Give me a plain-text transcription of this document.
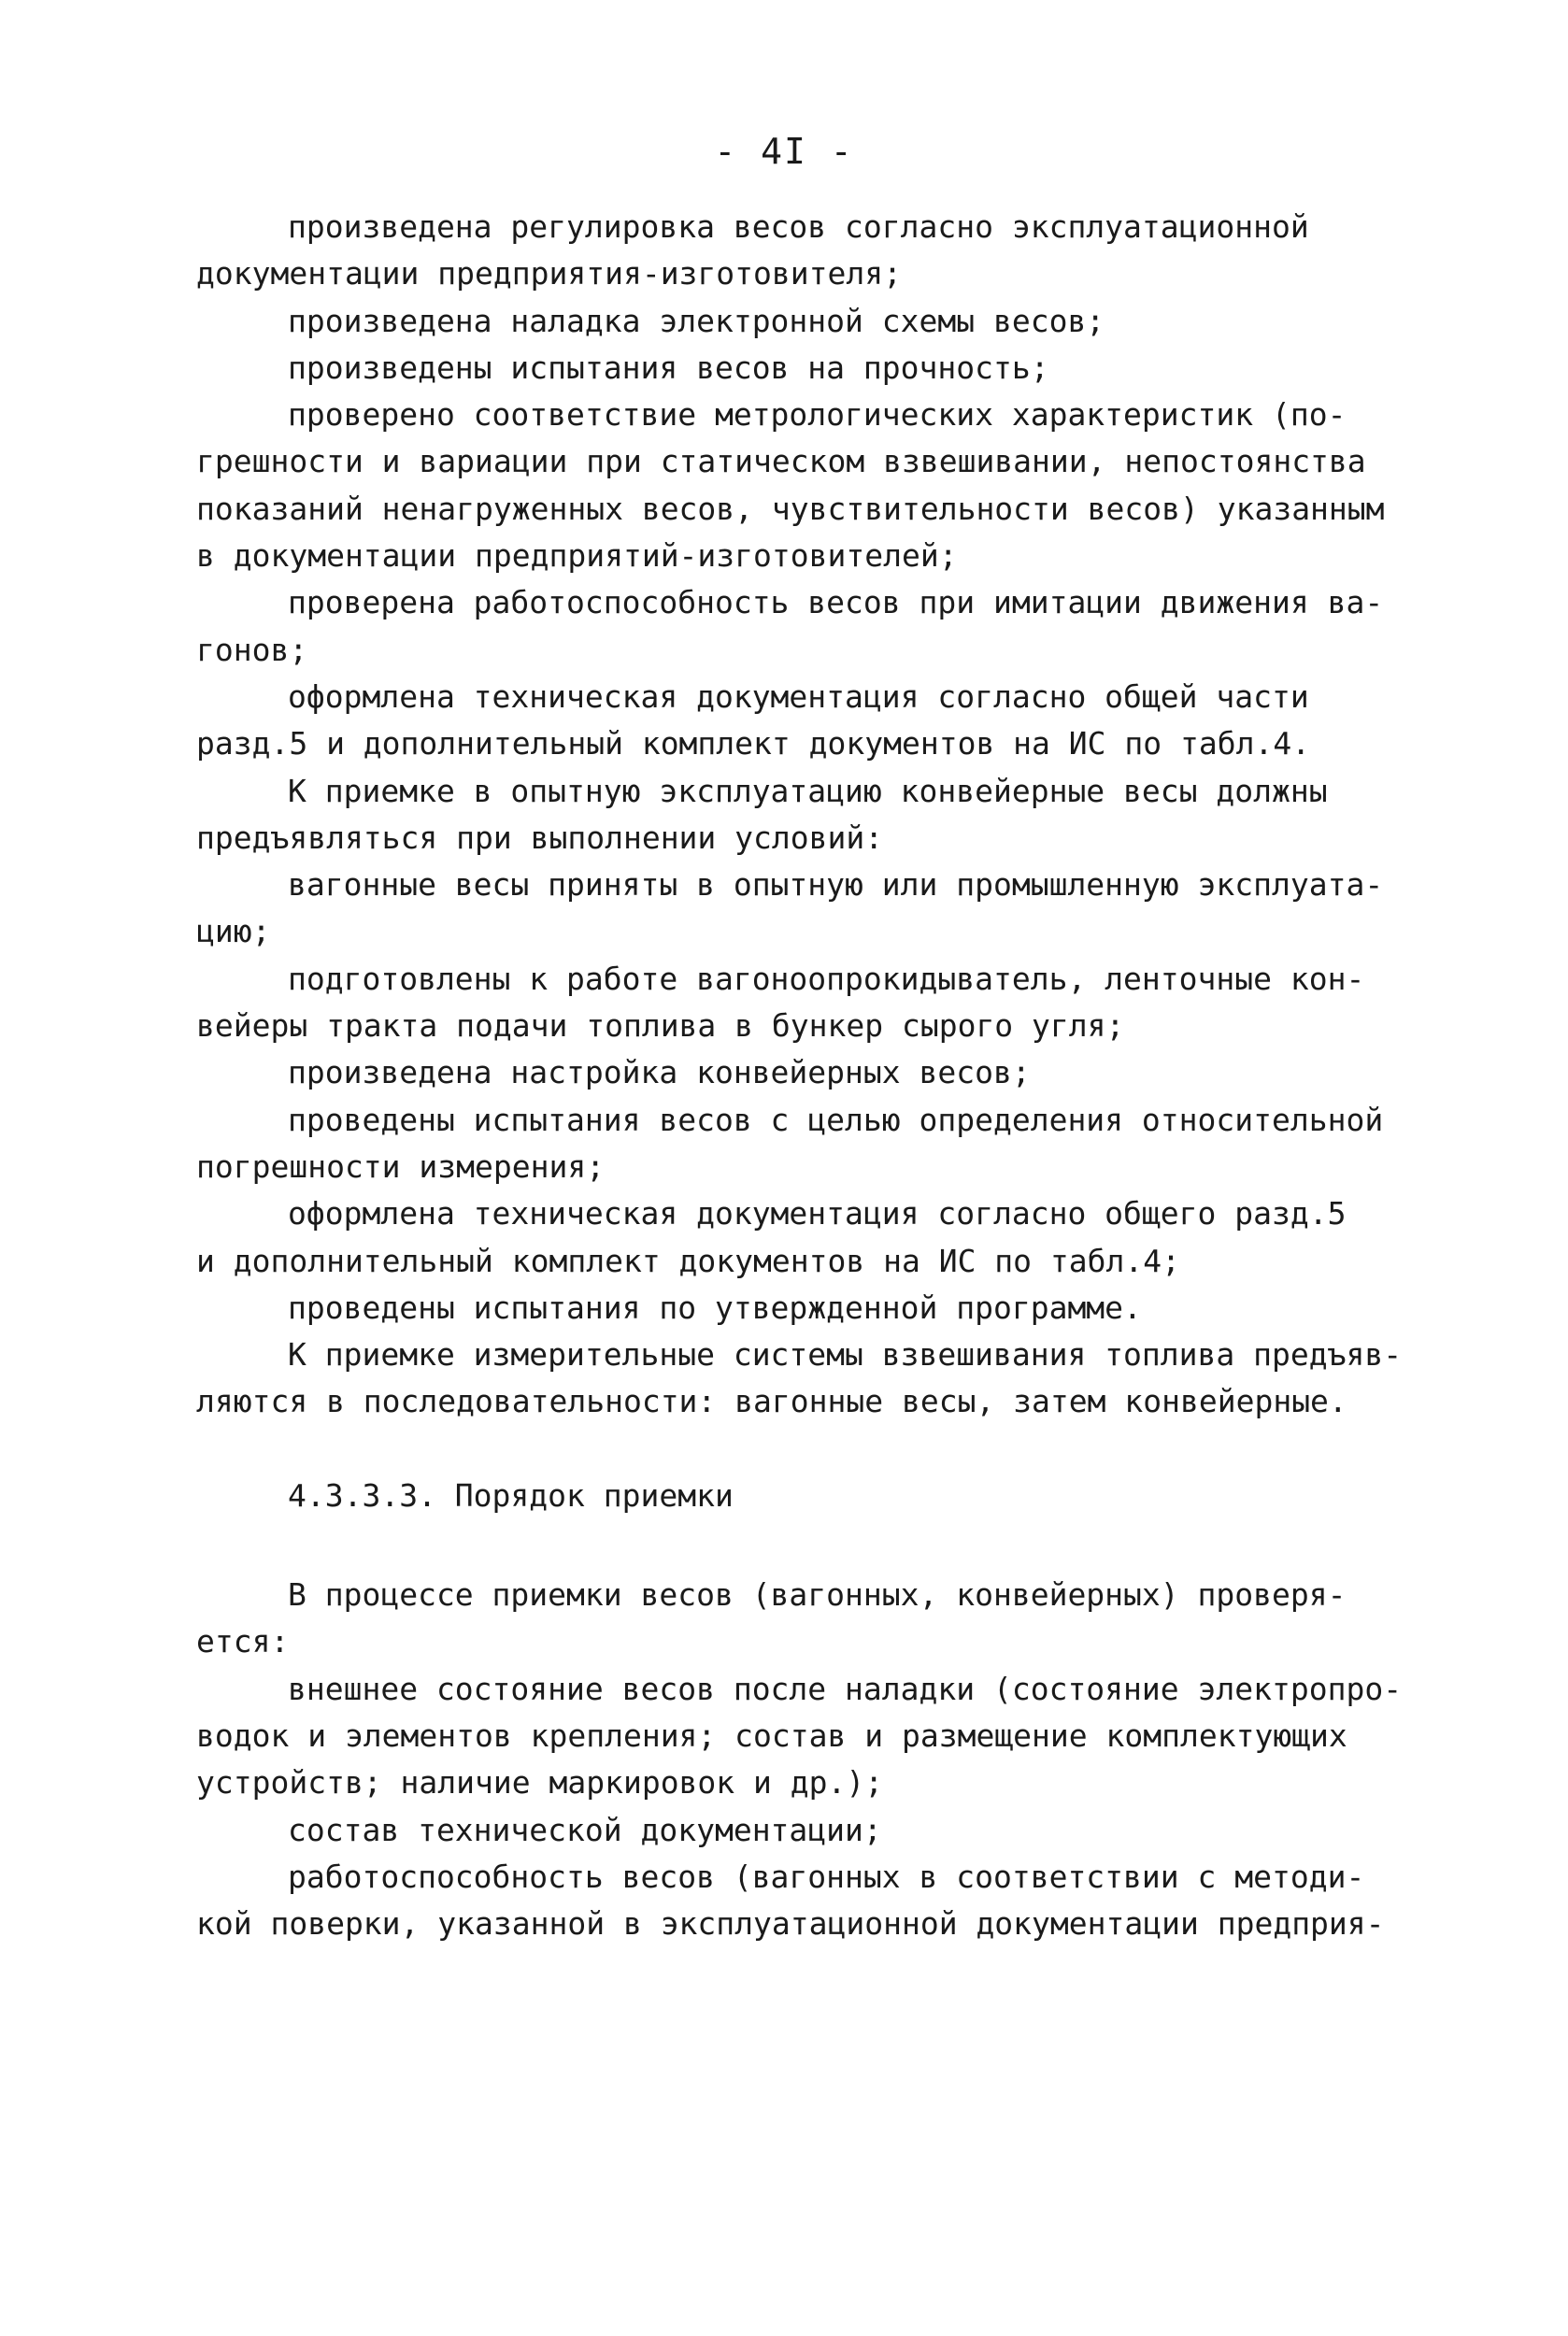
- 4I -
произведена регулировка весов согласно эксплуатационной
документации предприятия-изготовителя;
произведена наладка электронной схемы весов;
произведены испытания весов на прочность;
проверено соответствие метрологических характеристик (по-
грешности и вариации при статическом взвешивании, непостоянства
показаний ненагруженных весов, чувствительности весов) указанным
в документации предприятий-изготовителей;
проверена работоспособность весов при имитации движения ва-
гонов;
оформлена техническая документация согласно общей части
разд.5 и дополнительный комплект документов на ИС по табл.4.
К приемке в опытную эксплуатацию конвейерные весы должны
предъявляться при выполнении условий:
вагонные весы приняты в опытную или промышленную эксплуата-
цию;
подготовлены к работе вагоноопрокидыватель, ленточные кон-
вейеры тракта подачи топлива в бункер сырого угля;
произведена настройка конвейерных весов;
проведены испытания весов с целью определения относительной
погрешности измерения;
оформлена техническая документация согласно общего разд.5
и дополнительный комплект документов на ИС по табл.4;
проведены испытания по утвержденной программе.
К приемке измерительные системы взвешивания топлива предъяв-
ляются в последовательности: вагонные весы, затем конвейерные.
4.3.3.3. Порядок приемки
В процессе приемки весов (вагонных, конвейерных) проверя-
ется:
внешнее состояние весов после наладки (состояние электропро-
водок и элементов крепления; состав и размещение комплектующих
устройств; наличие маркировок и др.);
состав технической документации;
работоспособность весов (вагонных в соответствии с методи-
кой поверки, указанной в эксплуатационной документации предприя-
